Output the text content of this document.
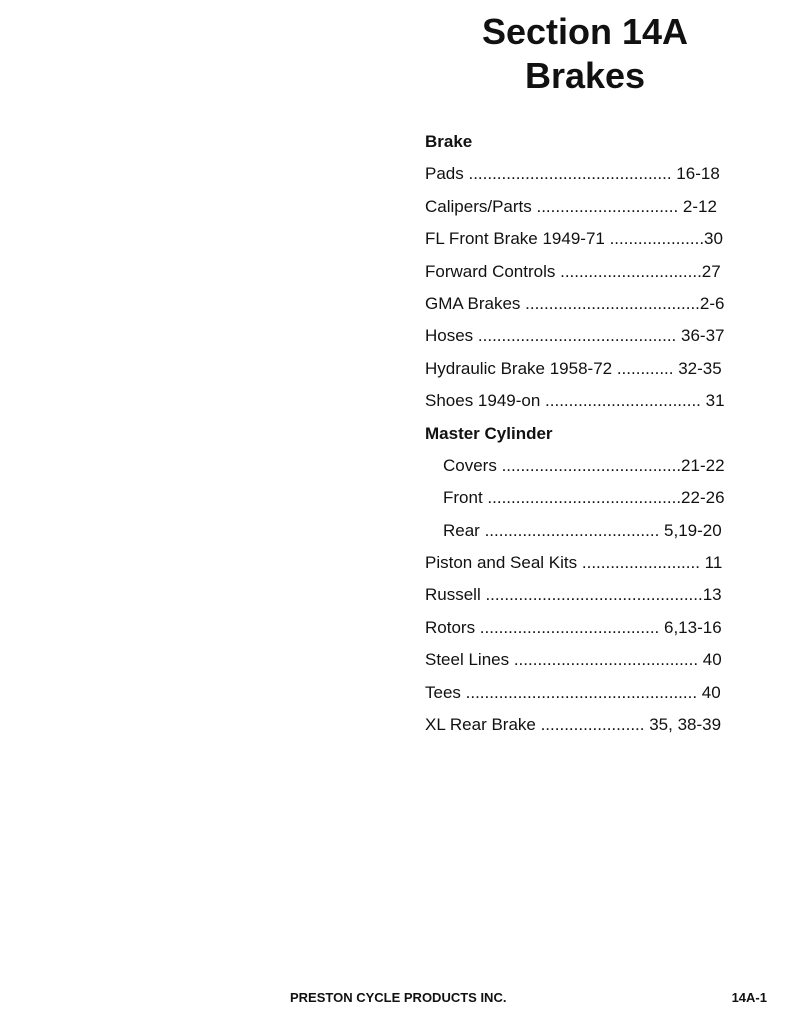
Section 14A
Brakes
Brake
Pads ........................................... 16-18
Calipers/Parts .............................. 2-12
FL Front Brake 1949-71 ....................30
Forward Controls ..............................27
GMA Brakes .....................................2-6
Hoses .......................................... 36-37
Hydraulic Brake 1958-72 ............ 32-35
Shoes 1949-on ................................. 31
Master Cylinder
Covers ......................................21-22
Front .........................................22-26
Rear ..................................... 5,19-20
Piston and Seal Kits ......................... 11
Russell ..............................................13
Rotors ...................................... 6,13-16
Steel Lines ....................................... 40
Tees ................................................. 40
XL Rear Brake ...................... 35, 38-39
PRESTON CYCLE PRODUCTS INC.	14A-1
